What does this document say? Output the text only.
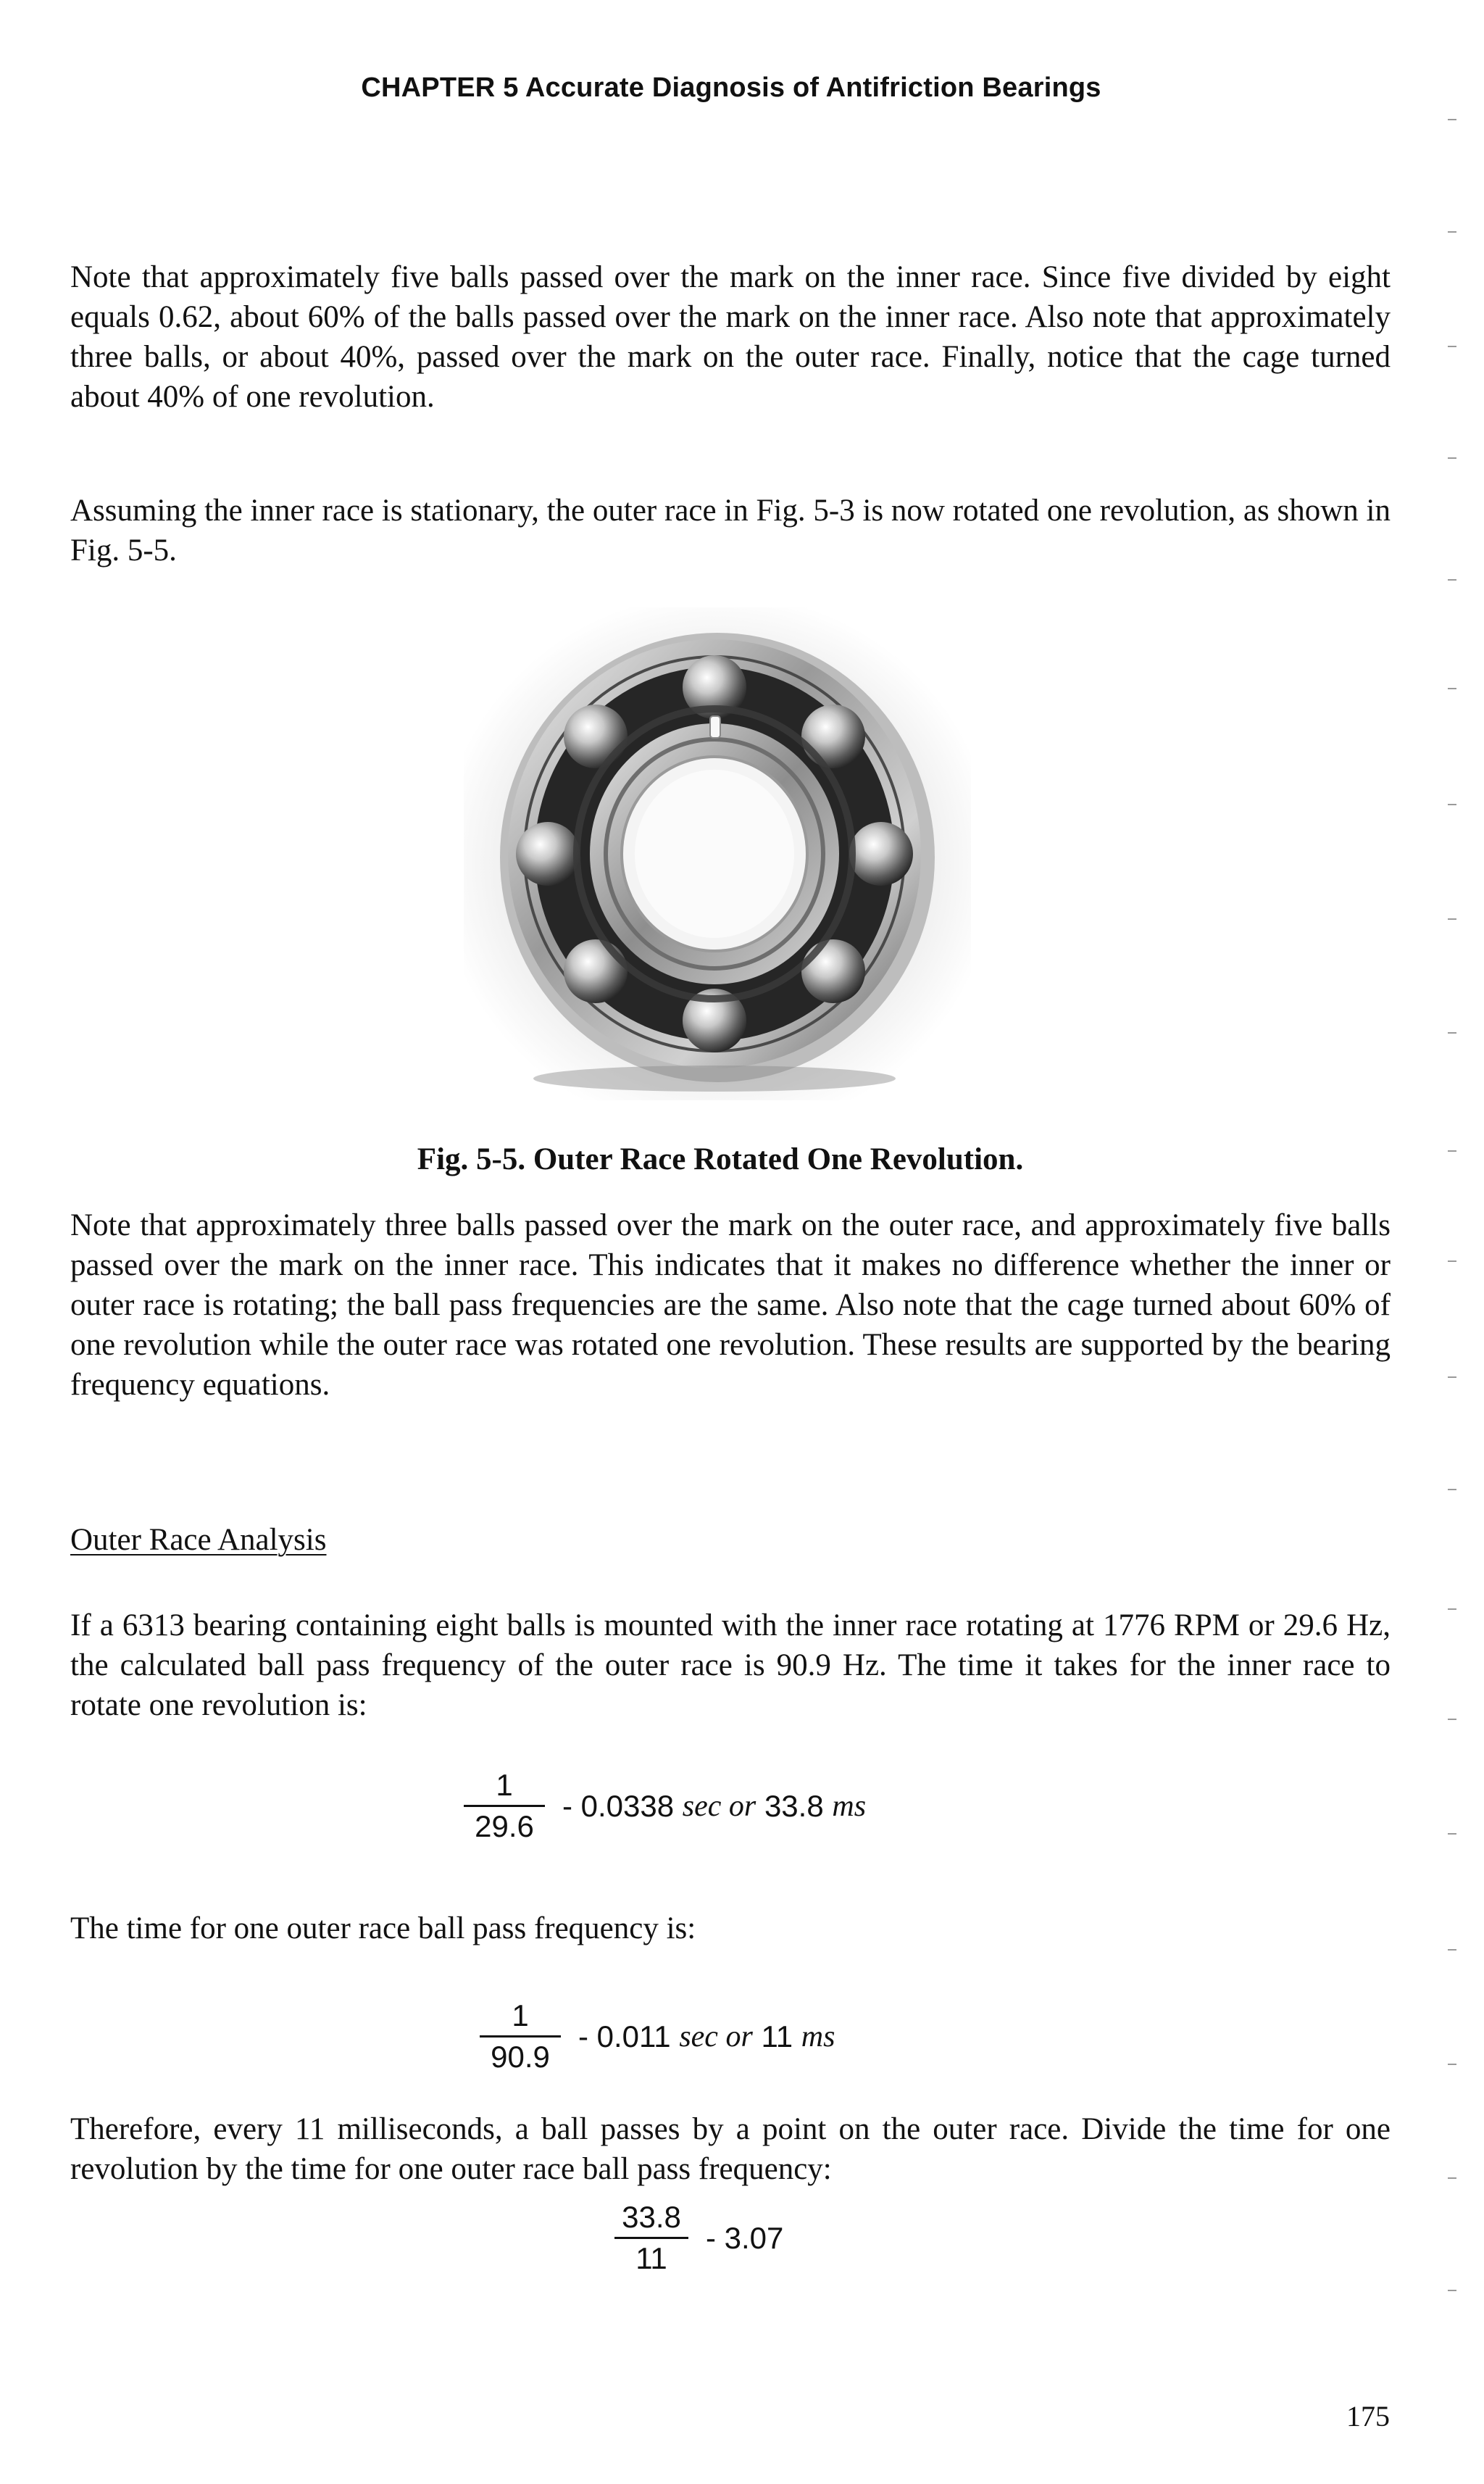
CHAPTER 5 Accurate Diagnosis of Antifriction Bearings

Note that approximately five balls passed over the mark on the inner race. Since five divided by eight equals 0.62, about 60% of the balls passed over the mark on the inner race. Also note that approximately three balls, or about 40%, passed over the mark on the outer race. Finally, notice that the cage turned about 40% of one revolution.

Assuming the inner race is stationary, the outer race in Fig. 5-3 is now rotated one revolution, as shown in Fig. 5-5.

Fig. 5-5. Outer Race Rotated One Revolution.

Note that approximately three balls passed over the mark on the outer race, and approximately five balls passed over the mark on the inner race. This indicates that it makes no difference whether the inner or outer race is rotating; the ball pass frequencies are the same. Also note that the cage turned about 60% of one revolution while the outer race was rotated one revolution. These results are supported by the bearing frequency equations.

Outer Race Analysis

If a 6313 bearing containing eight balls is mounted with the inner race rotating at 1776 RPM or 29.6 Hz, the calculated ball pass frequency of the outer race is 90.9 Hz. The time it takes for the inner race to rotate one revolution is:

$\frac{1}{29.6} - 0.0338$ sec or 33.8 ms

The time for one outer race ball pass frequency is:

$\frac{1}{90.9} - 0.011$ sec or 11 ms

Therefore, every 11 milliseconds, a ball passes by a point on the outer race. Divide the time for one revolution by the time for one outer race ball pass frequency:

$\frac{33.8}{11} - 3.07$
175
